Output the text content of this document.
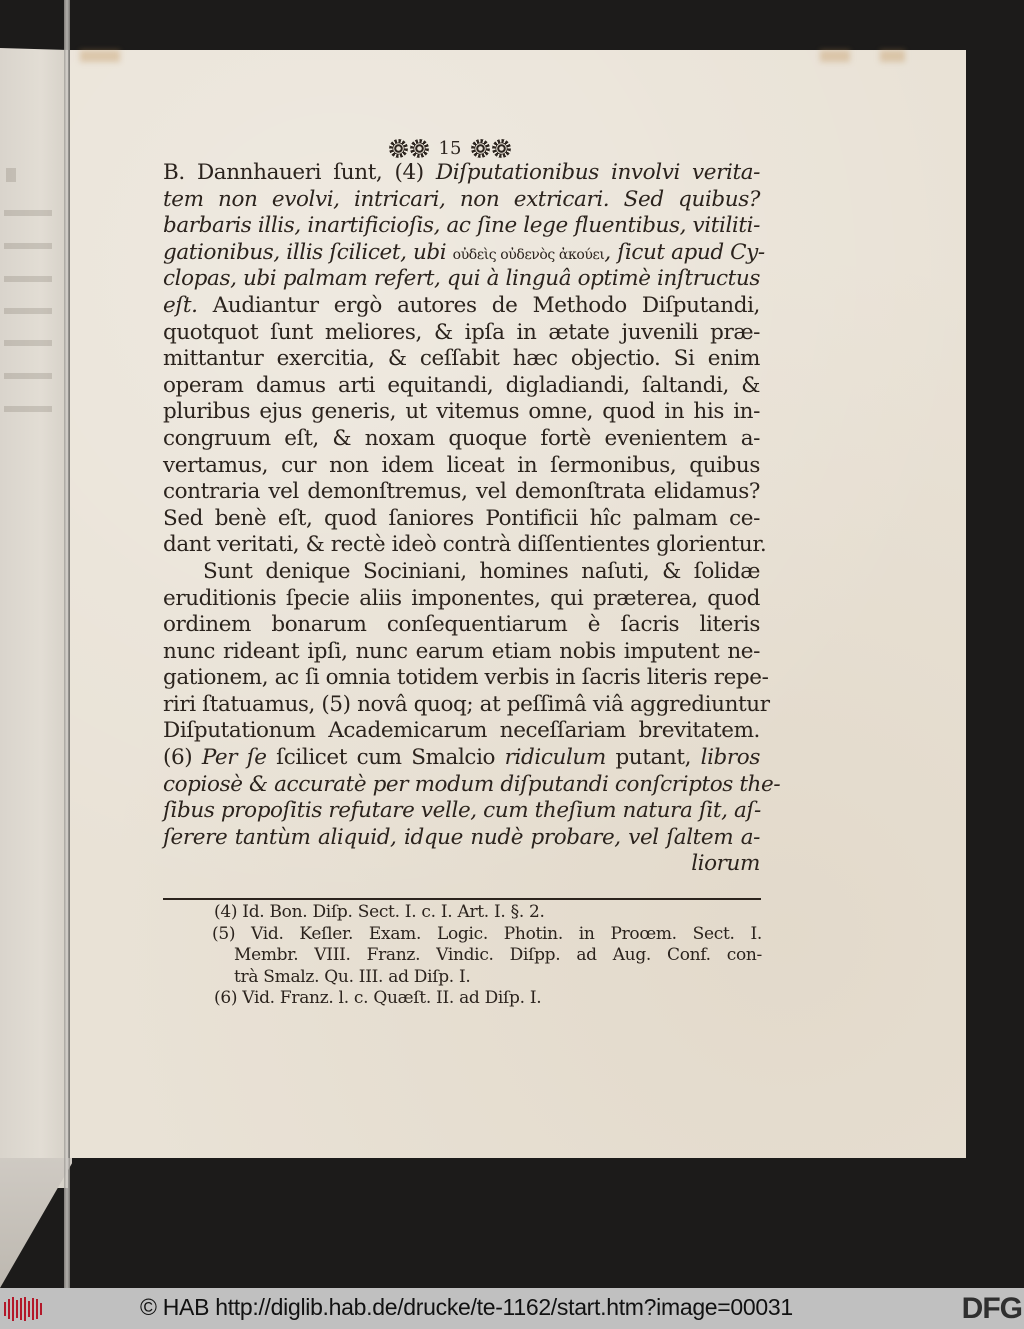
15
B. Dannhaueri ſunt, (4) Diſputationibus involvi verita-
tem non evolvi, intricari, non extricari. Sed quibus?
barbaris illis, inartificioſis, ac ſine lege fluentibus, vitiliti-
gationibus, illis ſcilicet, ubi οὐδεὶς οὐδενὸς ἀκούει, ſicut apud Cy-
clopas, ubi palmam refert, qui à linguâ optimè inſtructus
eſt. Audiantur ergò autores de Methodo Diſputandi,
quotquot ſunt meliores, & ipſa in ætate juvenili præ-
mittantur exercitia, & ceſſabit hæc objectio. Si enim
operam damus arti equitandi, digladiandi, ſaltandi, &
pluribus ejus generis, ut vitemus omne, quod in his in-
congruum eſt, & noxam quoque fortè evenientem a-
vertamus, cur non idem liceat in ſermonibus, quibus
contraria vel demonſtremus, vel demonſtrata elidamus?
Sed benè eſt, quod ſaniores Pontificii hîc palmam ce-
dant veritati, & rectè ideò contrà diſſentientes glorientur.
Sunt denique Sociniani, homines naſuti, & ſolidæ
eruditionis ſpecie aliis imponentes, qui præterea, quod
ordinem bonarum conſequentiarum è ſacris literis
nunc rideant ipſi, nunc earum etiam nobis imputent ne-
gationem, ac ſi omnia totidem verbis in ſacris literis repe-
riri ſtatuamus, (5) novâ quoq; at peſſimâ viâ aggrediuntur
Diſputationum Academicarum neceſſariam brevitatem.
(6) Per ſe ſcilicet cum Smalcio ridiculum putant, libros
copiosè & accuratè per modum diſputandi conſcriptos the-
ſibus propoſitis refutare velle, cum theſium natura ſit, aſ-
ſerere tantùm aliquid, idque nudè probare, vel ſaltem a-
liorum
(4) Id. Bon. Diſp. Sect. I. c. I. Art. I. §. 2.
(5) Vid. Keſler. Exam. Logic. Photin. in Proœm. Sect. I.
Membr. VIII. Franz. Vindic. Diſpp. ad Aug. Conf. con-
trà Smalz. Qu. III. ad Diſp. I.
(6) Vid. Franz. l. c. Quæſt. II. ad Diſp. I.
© HAB http://diglib.hab.de/drucke/te-1162/start.htm?image=00031	DFG
